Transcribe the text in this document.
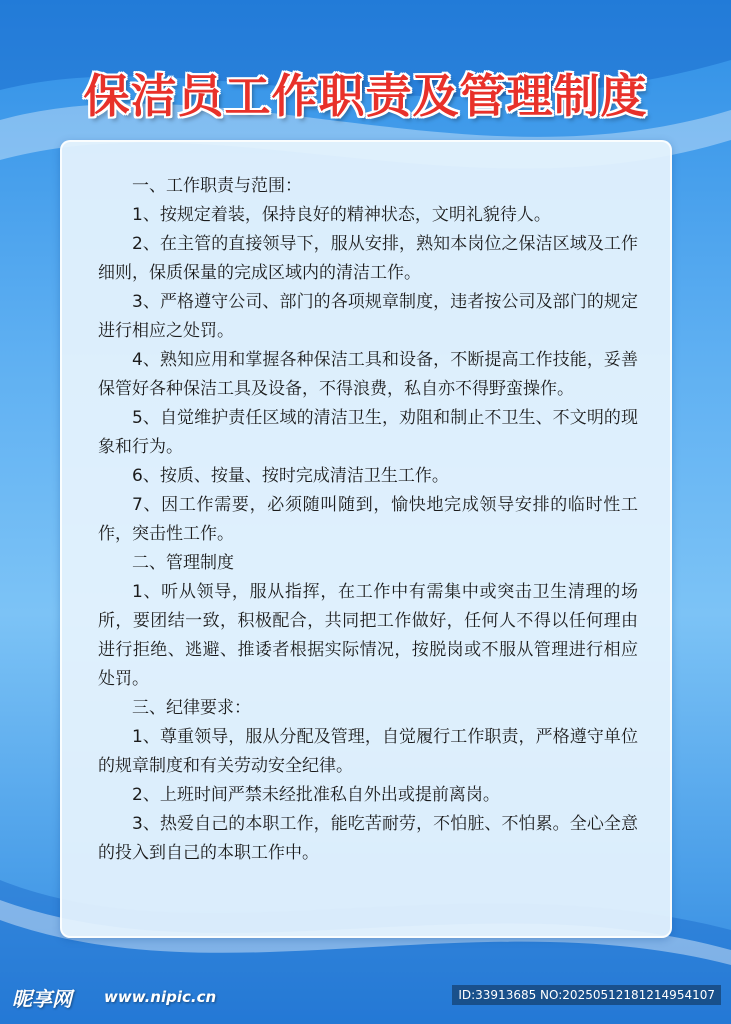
保洁员工作职责及管理制度

一、工作职责与范围：

1、按规定着装，保持良好的精神状态，文明礼貌待人。

2、在主管的直接领导下，服从安排，熟知本岗位之保洁区域及工作细则，保质保量的完成区域内的清洁工作。

3、严格遵守公司、部门的各项规章制度，违者按公司及部门的规定进行相应之处罚。

4、熟知应用和掌握各种保洁工具和设备，不断提高工作技能，妥善保管好各种保洁工具及设备，不得浪费，私自亦不得野蛮操作。

5、自觉维护责任区域的清洁卫生，劝阻和制止不卫生、不文明的现象和行为。

6、按质、按量、按时完成清洁卫生工作。

7、因工作需要，必须随叫随到，愉快地完成领导安排的临时性工作，突击性工作。

二、管理制度

1、听从领导，服从指挥，在工作中有需集中或突击卫生清理的场所，要团结一致，积极配合，共同把工作做好，任何人不得以任何理由进行拒绝、逃避、推诿者根据实际情况，按脱岗或不服从管理进行相应处罚。

三、纪律要求：

1、尊重领导，服从分配及管理，自觉履行工作职责，严格遵守单位的规章制度和有关劳动安全纪律。

2、上班时间严禁未经批准私自外出或提前离岗。

3、热爱自己的本职工作，能吃苦耐劳，不怕脏、不怕累。全心全意的投入到自己的本职工作中。

昵享网 www.nipic.cn	ID:33913685 NO:20250512181214954107
